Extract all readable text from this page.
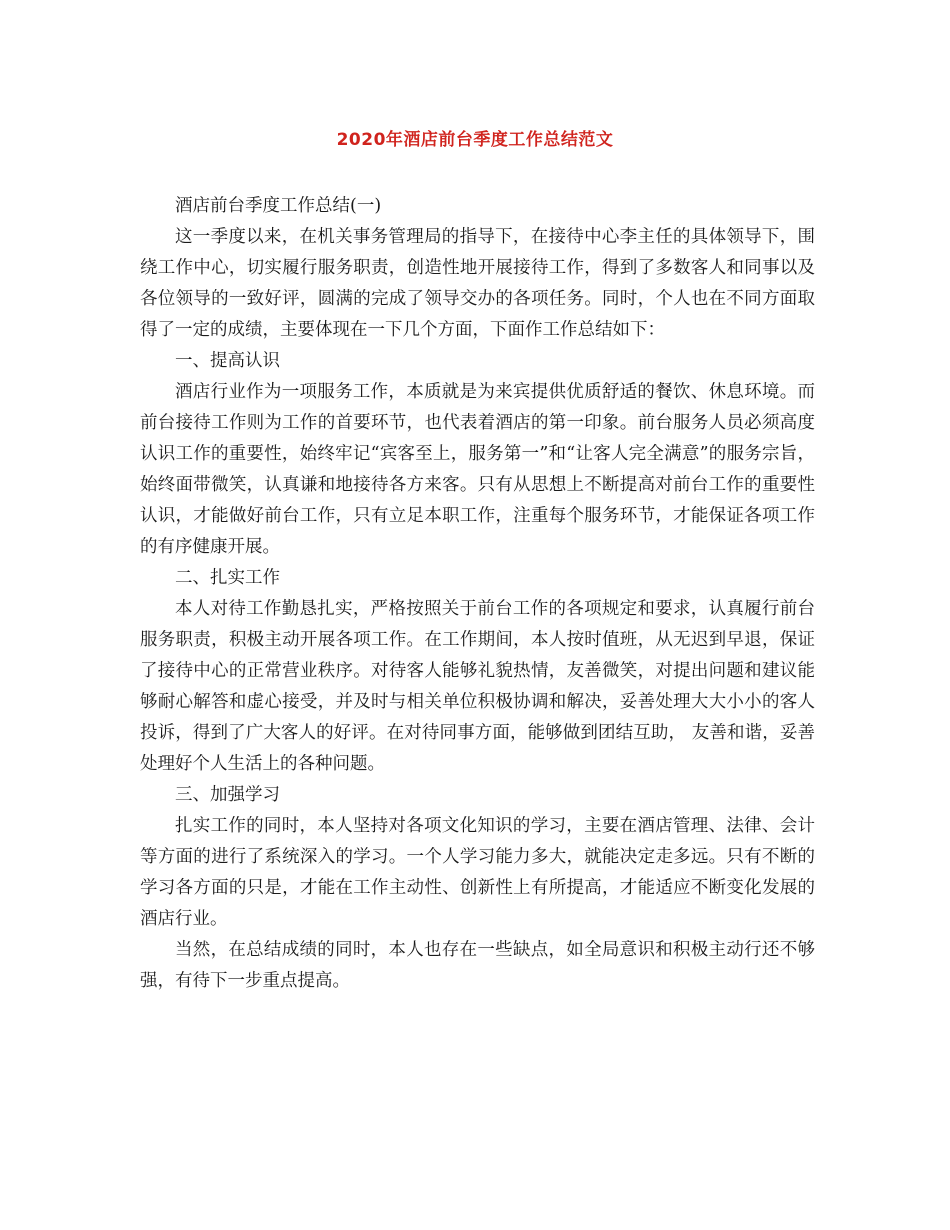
2020年酒店前台季度工作总结范文

酒店前台季度工作总结(一)

这一季度以来，在机关事务管理局的指导下，在接待中心李主任的具体领导下，围绕工作中心，切实履行服务职责，创造性地开展接待工作，得到了多数客人和同事以及各位领导的一致好评，圆满的完成了领导交办的各项任务。同时，个人也在不同方面取得了一定的成绩，主要体现在一下几个方面，下面作工作总结如下：

一、提高认识

酒店行业作为一项服务工作，本质就是为来宾提供优质舒适的餐饮、休息环境。而前台接待工作则为工作的首要环节，也代表着酒店的第一印象。前台服务人员必须高度认识工作的重要性，始终牢记“宾客至上，服务第一”和“让客人完全满意”的服务宗旨，始终面带微笑，认真谦和地接待各方来客。只有从思想上不断提高对前台工作的重要性认识，才能做好前台工作，只有立足本职工作，注重每个服务环节，才能保证各项工作的有序健康开展。

二、扎实工作

本人对待工作勤恳扎实，严格按照关于前台工作的各项规定和要求，认真履行前台服务职责，积极主动开展各项工作。在工作期间，本人按时值班，从无迟到早退，保证了接待中心的正常营业秩序。对待客人能够礼貌热情，友善微笑，对提出问题和建议能够耐心解答和虚心接受，并及时与相关单位积极协调和解决，妥善处理大大小小的客人投诉，得到了广大客人的好评。在对待同事方面，能够做到团结互助， 友善和谐，妥善处理好个人生活上的各种问题。

三、加强学习

扎实工作的同时，本人坚持对各项文化知识的学习，主要在酒店管理、法律、会计等方面的进行了系统深入的学习。一个人学习能力多大，就能决定走多远。只有不断的学习各方面的只是，才能在工作主动性、创新性上有所提高，才能适应不断变化发展的酒店行业。

当然，在总结成绩的同时，本人也存在一些缺点，如全局意识和积极主动行还不够强，有待下一步重点提高。
